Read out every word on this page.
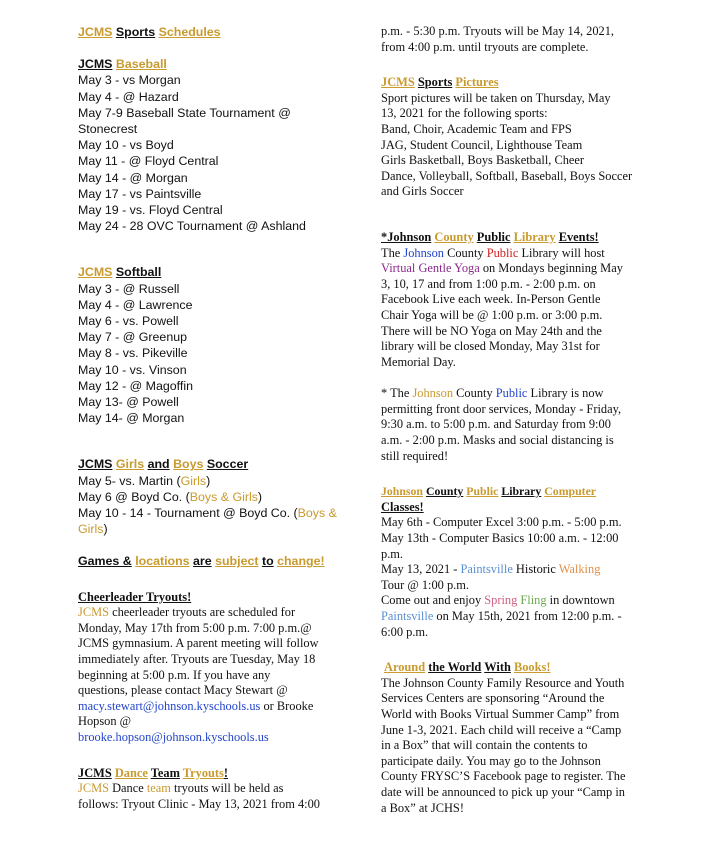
JCMS Sports Schedules
JCMS Baseball
May 3 - vs Morgan
May 4 - @ Hazard
May 7-9 Baseball State Tournament @
Stonecrest
May 10 - vs Boyd
May 11 - @ Floyd Central
May 14 - @ Morgan
May 17 - vs Paintsville
May 19 - vs. Floyd Central
May 24 - 28 OVC Tournament @ Ashland
JCMS Softball
May 3 - @ Russell
May 4 - @ Lawrence
May 6 - vs. Powell
May 7 - @ Greenup
May 8 - vs. Pikeville
May 10 - vs. Vinson
May 12 - @ Magoffin
May 13- @ Powell
May 14- @ Morgan
JCMS Girls and Boys Soccer
May 5- vs. Martin (Girls)
May 6 @ Boyd Co. (Boys & Girls)
May 10 - 14 - Tournament @ Boyd Co. (Boys &
Girls)
Games & locations are subject to change!
Cheerleader Tryouts!
JCMS cheerleader tryouts are scheduled for
Monday, May 17th from 5:00 p.m. 7:00 p.m.@
JCMS gymnasium. A parent meeting will follow
immediately after. Tryouts are Tuesday, May 18
beginning at 5:00 p.m. If you have any
questions, please contact Macy Stewart @
macy.stewart@johnson.kyschools.us or Brooke
Hopson @
brooke.hopson@johnson.kyschools.us
JCMS Dance Team Tryouts!
JCMS Dance team tryouts will be held as
follows: Tryout Clinic - May 13, 2021 from 4:00
p.m. - 5:30 p.m. Tryouts will be May 14, 2021,
from 4:00 p.m. until tryouts are complete.
JCMS Sports Pictures
Sport pictures will be taken on Thursday, May
13, 2021 for the following sports:
Band, Choir, Academic Team and FPS
JAG, Student Council, Lighthouse Team
Girls Basketball, Boys Basketball, Cheer
Dance, Volleyball, Softball, Baseball, Boys Soccer
and Girls Soccer
*Johnson County Public Library Events!
The Johnson County Public Library will host
Virtual Gentle Yoga on Mondays beginning May
3, 10, 17 and from 1:00 p.m. - 2:00 p.m. on
Facebook Live each week. In-Person Gentle
Chair Yoga will be @ 1:00 p.m. or 3:00 p.m.
There will be NO Yoga on May 24th and the
library will be closed Monday, May 31st for
Memorial Day.
* The Johnson County Public Library is now
permitting front door services, Monday - Friday,
9:30 a.m. to 5:00 p.m. and Saturday from 9:00
a.m. - 2:00 p.m. Masks and social distancing is
still required!
Johnson County Public Library Computer
Classes!
May 6th - Computer Excel 3:00 p.m. - 5:00 p.m.
May 13th - Computer Basics 10:00 a.m. - 12:00
p.m.
May 13, 2021 - Paintsville Historic Walking
Tour @ 1:00 p.m.
Come out and enjoy Spring Fling in downtown
Paintsville on May 15th, 2021 from 12:00 p.m. -
6:00 p.m.
Around the World With Books!
The Johnson County Family Resource and Youth
Services Centers are sponsoring “Around the
World with Books Virtual Summer Camp” from
June 1-3, 2021. Each child will receive a “Camp
in a Box” that will contain the contents to
participate daily. You may go to the Johnson
County FRYSC’S Facebook page to register. The
date will be announced to pick up your “Camp in
a Box” at JCHS!
